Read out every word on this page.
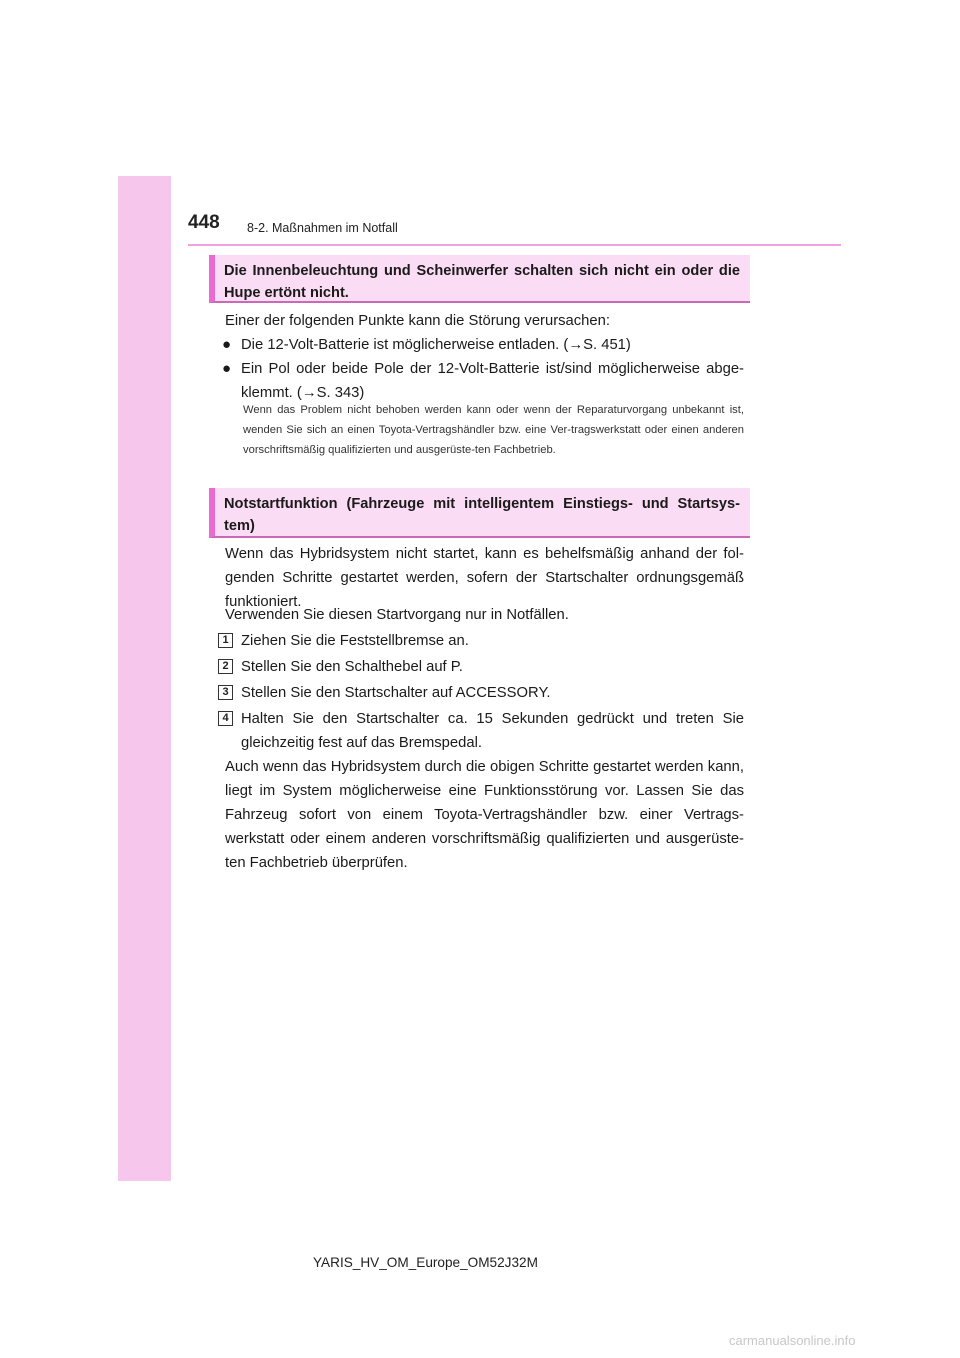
448 8-2. Maßnahmen im Notfall
Die Innenbeleuchtung und Scheinwerfer schalten sich nicht ein oder die Hupe ertönt nicht.
Einer der folgenden Punkte kann die Störung verursachen:
● Die 12-Volt-Batterie ist möglicherweise entladen. (→S. 451)
● Ein Pol oder beide Pole der 12-Volt-Batterie ist/sind möglicherweise abge-klemmt. (→S. 343)
Wenn das Problem nicht behoben werden kann oder wenn der Reparaturvorgang unbekannt ist, wenden Sie sich an einen Toyota-Vertragshändler bzw. eine Ver-tragswerkstatt oder einen anderen vorschriftsmäßig qualifizierten und ausgerüste-ten Fachbetrieb.
Notstartfunktion (Fahrzeuge mit intelligentem Einstiegs- und Startsys-tem)
Wenn das Hybridsystem nicht startet, kann es behelfsmäßig anhand der fol-genden Schritte gestartet werden, sofern der Startschalter ordnungsgemäß funktioniert.
Verwenden Sie diesen Startvorgang nur in Notfällen.
1 Ziehen Sie die Feststellbremse an.
2 Stellen Sie den Schalthebel auf P.
3 Stellen Sie den Startschalter auf ACCESSORY.
4 Halten Sie den Startschalter ca. 15 Sekunden gedrückt und treten Sie gleichzeitig fest auf das Bremspedal.
Auch wenn das Hybridsystem durch die obigen Schritte gestartet werden kann, liegt im System möglicherweise eine Funktionsstörung vor. Lassen Sie das Fahrzeug sofort von einem Toyota-Vertragshändler bzw. einer Vertrags-werkstatt oder einem anderen vorschriftsmäßig qualifizierten und ausgerüste-ten Fachbetrieb überprüfen.
YARIS_HV_OM_Europe_OM52J32M
carmanualsonline.info
